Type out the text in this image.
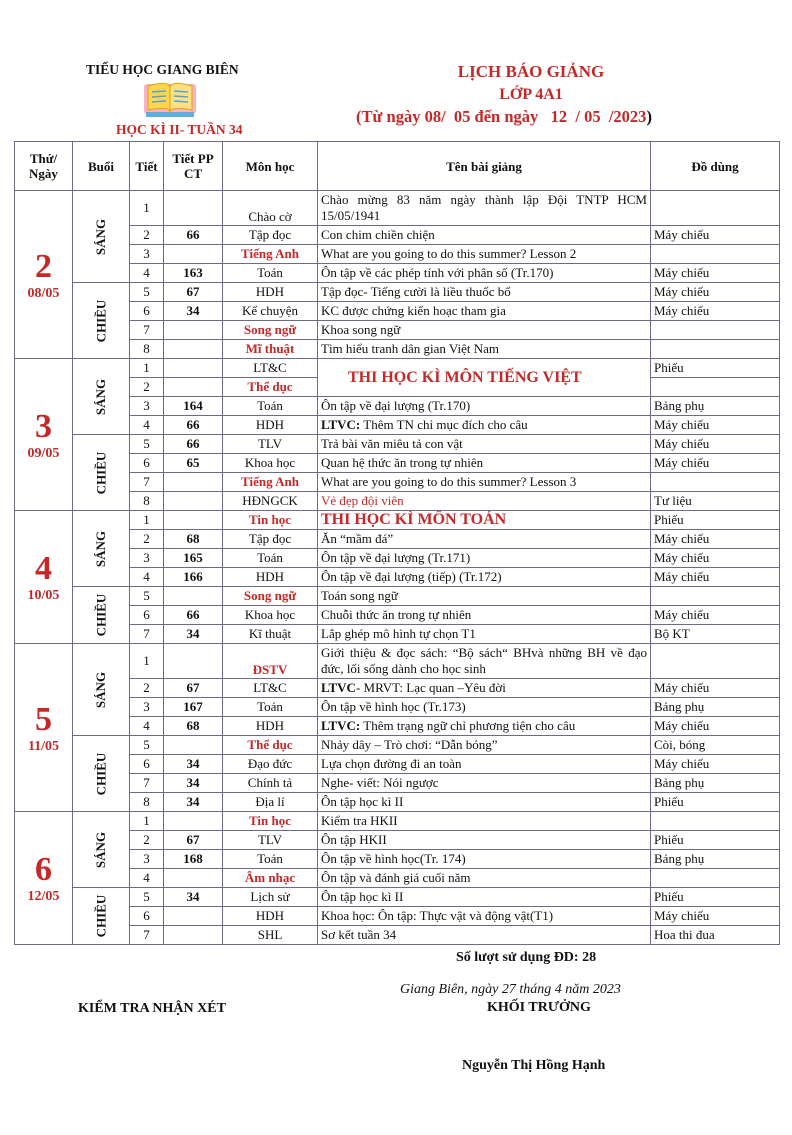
TIỂU HỌC GIANG BIÊN
HỌC KÌ II- TUẦN 34
LỊCH BÁO GIẢNG
LỚP 4A1
(Từ ngày 08/  05 đến ngày   12  / 05  /2023)
Thứ/ Ngày	Buổi	Tiết	Tiết PP CT	Môn học	Tên bài giảng	Đồ dùng

2
08/05	SÁNG	1		Chào cờ	Chào mừng 83 năm ngày thành lập Đội TNTP HCM 15/05/1941	
		2	66	Tập đọc	Con chim chiền chiện	Máy chiếu
		3		Tiếng Anh	What are you going to do this summer? Lesson 2	
		4	163	Toán	Ôn tập về các phép tính với phân số (Tr.170)	Máy chiếu
	CHIỀU	5	67	HDH	Tập đọc- Tiếng cười là liều thuốc bổ	Máy chiếu
		6	34	Kể chuyện	KC được chứng kiến hoạc tham gia	Máy chiếu
		7		Song ngữ	Khoa song ngữ	
		8		Mĩ thuật	Tìm hiểu tranh dân gian Việt Nam	

3
09/05	SÁNG	1		LT&C	THI HỌC KÌ MÔN TIẾNG VIỆT	Phiếu
		2		Thể dục		
		3	164	Toán	Ôn tập về đại lượng (Tr.170)	Bảng phụ
		4	66	HDH	LTVC: Thêm TN chỉ mục đích cho câu	Máy chiếu
	CHIỀU	5	66	TLV	Trả bài văn miêu tả con vật	Máy chiếu
		6	65	Khoa học	Quan hệ thức ăn trong tự nhiên	Máy chiếu
		7		Tiếng Anh	What are you going to do this summer? Lesson 3	
		8		HĐNGCK	Vẻ đẹp đội viên	Tư liệu

4
10/05	SÁNG	1		Tin học	THI HỌC KÌ MÔN TOÁN	Phiếu
		2	68	Tập đọc	Ăn “mầm đá”	Máy chiếu
		3	165	Toán	Ôn tập về đại lượng (Tr.171)	Máy chiếu
		4	166	HDH	Ôn tập về đại lượng (tiếp) (Tr.172)	Máy chiếu
	CHIỀU	5		Song ngữ	Toán song ngữ	
		6	66	Khoa học	Chuỗi thức ăn trong tự nhiên	Máy chiếu
		7	34	Kĩ thuật	Lắp ghép mô hình tự chọn T1	Bộ KT

5
11/05	SÁNG	1		ĐSTV	Giới thiệu & đọc sách: “Bộ sách“ BHvà những BH về đạo đức, lối sống dành cho học sinh	
		2	67	LT&C	LTVC- MRVT: Lạc quan –Yêu đời	Máy chiếu
		3	167	Toán	Ôn tập về hình học (Tr.173)	Bảng phụ
		4	68	HDH	LTVC: Thêm trạng ngữ chỉ phương tiện cho câu	Máy chiếu
	CHIỀU	5		Thể dục	Nhảy dây – Trò chơi: “Dẫn bóng”	Còi, bóng
		6	34	Đạo đức	Lựa chọn đường đi an toàn	Máy chiếu
		7	34	Chính tả	Nghe- viết: Nói ngược	Bảng phụ
		8	34	Địa lí	Ôn tập học kì II	Phiếu

6
12/05	SÁNG	1		Tin học	Kiểm tra HKII	
		2	67	TLV	Ôn tập HKII	Phiếu
		3	168	Toán	Ôn tập về hình học(Tr. 174)	Bảng phụ
		4		Âm nhạc	Ôn tập và đánh giá cuối năm	
	CHIỀU	5	34	Lịch sử	Ôn tập học kì II	Phiếu
		6		HDH	Khoa học: Ôn tập: Thực vật và động vật(T1)	Máy chiếu
		7		SHL	Sơ kết tuần 34	Hoa thi đua
Số lượt sử dụng ĐD: 28
Giang Biên, ngày 27 tháng 4 năm 2023
KIỂM TRA NHẬN XÉT	KHỐI TRƯỞNG
Nguyễn Thị Hồng Hạnh
